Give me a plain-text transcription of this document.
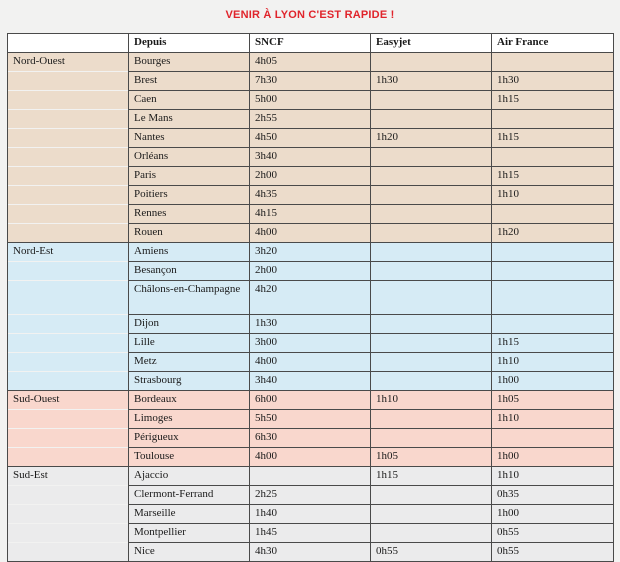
VENIR À LYON C'EST RAPIDE !
	Depuis	SNCF	Easyjet	Air France
Nord-Ouest	Bourges	4h05		
	Brest	7h30	1h30	1h30
	Caen	5h00		1h15
	Le Mans	2h55		
	Nantes	4h50	1h20	1h15
	Orléans	3h40		
	Paris	2h00		1h15
	Poitiers	4h35		1h10
	Rennes	4h15		
	Rouen	4h00		1h20
Nord-Est	Amiens	3h20		
	Besançon	2h00		
	Châlons-en-Champagne	4h20		
	Dijon	1h30		
	Lille	3h00		1h15
	Metz	4h00		1h10
	Strasbourg	3h40		1h00
Sud-Ouest	Bordeaux	6h00	1h10	1h05
	Limoges	5h50		1h10
	Périgueux	6h30		
	Toulouse	4h00	1h05	1h00
Sud-Est	Ajaccio		1h15	1h10
	Clermont-Ferrand	2h25		0h35
	Marseille	1h40		1h00
	Montpellier	1h45		0h55
	Nice	4h30	0h55	0h55
